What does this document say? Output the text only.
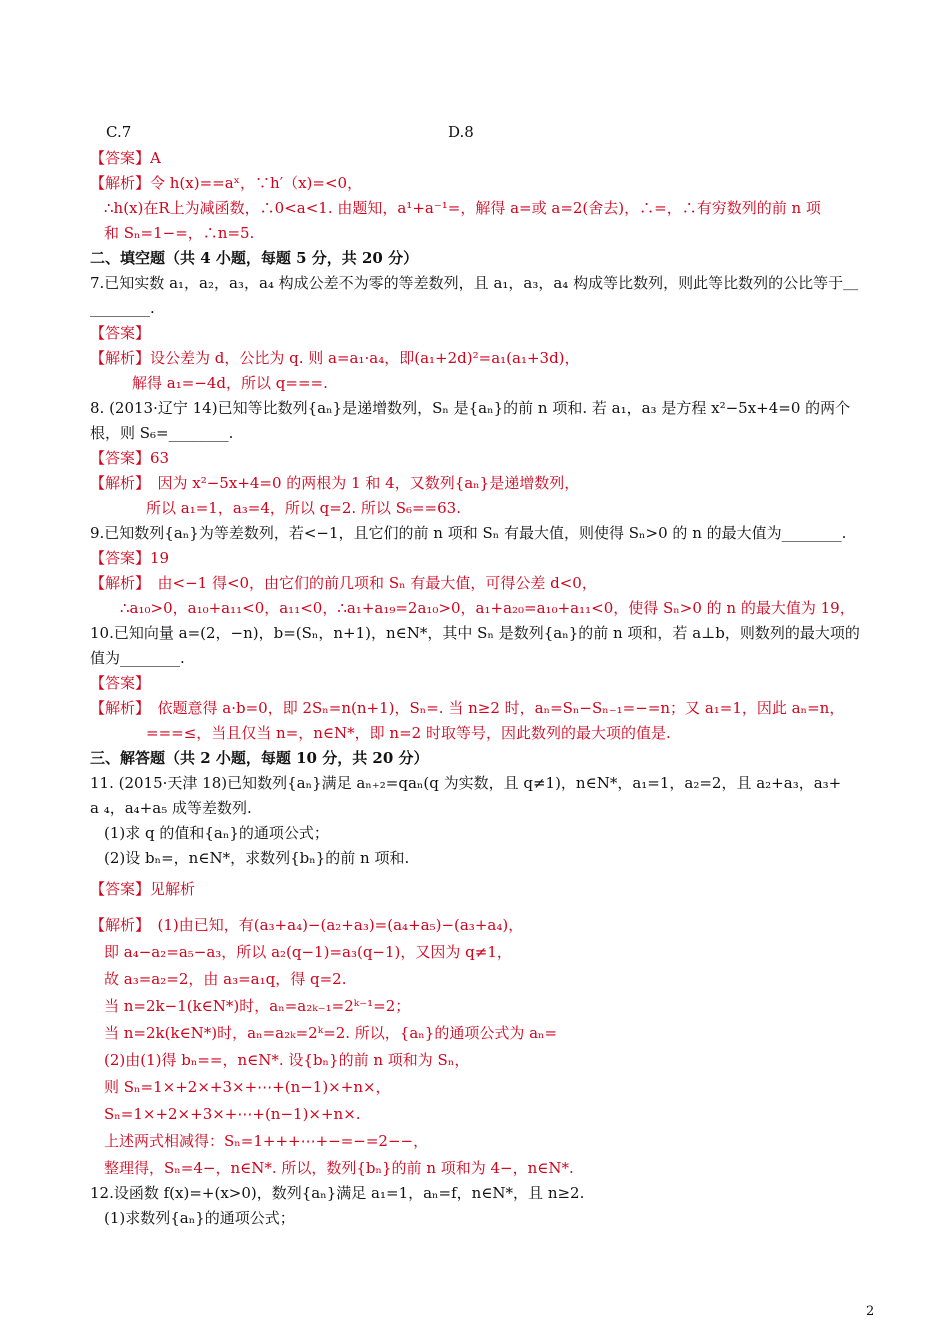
C.7	D.8
【答案】A
【解析】令 h(x)==aˣ，∵h′（x)=<0，
∴h(x)在R上为减函数，∴0<a<1. 由题知，a¹+a⁻¹=，解得 a=或 a=2(舍去)，∴=，∴有穷数列的前 n 项
和 Sₙ=1−=，∴n=5.
二、填空题（共 4 小题，每题 5 分，共 20 分）
7.已知实数 a₁，a₂，a₃，a₄ 构成公差不为零的等差数列，且 a₁，a₃，a₄ 构成等比数列，则此等比数列的公比等于＿
________.
【答案】
【解析】设公差为 d，公比为 q. 则 a=a₁·a₄，即(a₁+2d)²=a₁(a₁+3d)，
解得 a₁=−4d，所以 q===.
8. (2013·辽宁 14)已知等比数列{aₙ}是递增数列，Sₙ 是{aₙ}的前 n 项和. 若 a₁，a₃ 是方程 x²−5x+4=0 的两个
根，则 S₆=________.
【答案】63
【解析】　因为 x²−5x+4=0 的两根为 1 和 4，又数列{aₙ}是递增数列，
所以 a₁=1，a₃=4，所以 q=2. 所以 S₆==63.
9.已知数列{aₙ}为等差数列，若<−1，且它们的前 n 项和 Sₙ 有最大值，则使得 Sₙ>0 的 n 的最大值为________.
【答案】19
【解析】　由<−1 得<0，由它们的前几项和 Sₙ 有最大值，可得公差 d<0，
∴a₁₀>0，a₁₀+a₁₁<0，a₁₁<0，∴a₁+a₁₉=2a₁₀>0，a₁+a₂₀=a₁₀+a₁₁<0，使得 Sₙ>0 的 n 的最大值为 19，
10.已知向量 a=(2，−n)，b=(Sₙ，n+1)，n∈N*，其中 Sₙ 是数列{aₙ}的前 n 项和，若 a⊥b，则数列的最大项的
值为________.
【答案】
【解析】　依题意得 a·b=0，即 2Sₙ=n(n+1)，Sₙ=. 当 n≥2 时，aₙ=Sₙ−Sₙ₋₁=−=n；又 a₁=1，因此 aₙ=n，
===≤，当且仅当 n=，n∈N*，即 n=2 时取等号，因此数列的最大项的值是.
三、解答题（共 2 小题，每题 10 分，共 20 分）
11. (2015·天津 18)已知数列{aₙ}满足 aₙ₊₂=qaₙ(q 为实数，且 q≠1)，n∈N*，a₁=1，a₂=2，且 a₂+a₃，a₃+
a ₄，a₄+a₅ 成等差数列.
(1)求 q 的值和{aₙ}的通项公式；
(2)设 bₙ=，n∈N*，求数列{bₙ}的前 n 项和.
【答案】见解析
【解析】　(1)由已知，有(a₃+a₄)−(a₂+a₃)=(a₄+a₅)−(a₃+a₄)，
即 a₄−a₂=a₅−a₃，所以 a₂(q−1)=a₃(q−1)，又因为 q≠1，
故 a₃=a₂=2，由 a₃=a₁q，得 q=2.
当 n=2k−1(k∈N*)时，aₙ=a₂ₖ₋₁=2ᵏ⁻¹=2；
当 n=2k(k∈N*)时，aₙ=a₂ₖ=2ᵏ=2. 所以，{aₙ}的通项公式为 aₙ=
(2)由(1)得 bₙ==，n∈N*. 设{bₙ}的前 n 项和为 Sₙ，
则 Sₙ=1×+2×+3×+⋯+(n−1)×+n×，
Sₙ=1×+2×+3×+⋯+(n−1)×+n×.
上述两式相减得：Sₙ=1+++⋯+−=−=2−−，
整理得，Sₙ=4−，n∈N*. 所以，数列{bₙ}的前 n 项和为 4−，n∈N*.
12.设函数 f(x)=+(x>0)，数列{aₙ}满足 a₁=1，aₙ=f，n∈N*，且 n≥2.
(1)求数列{aₙ}的通项公式；
2
